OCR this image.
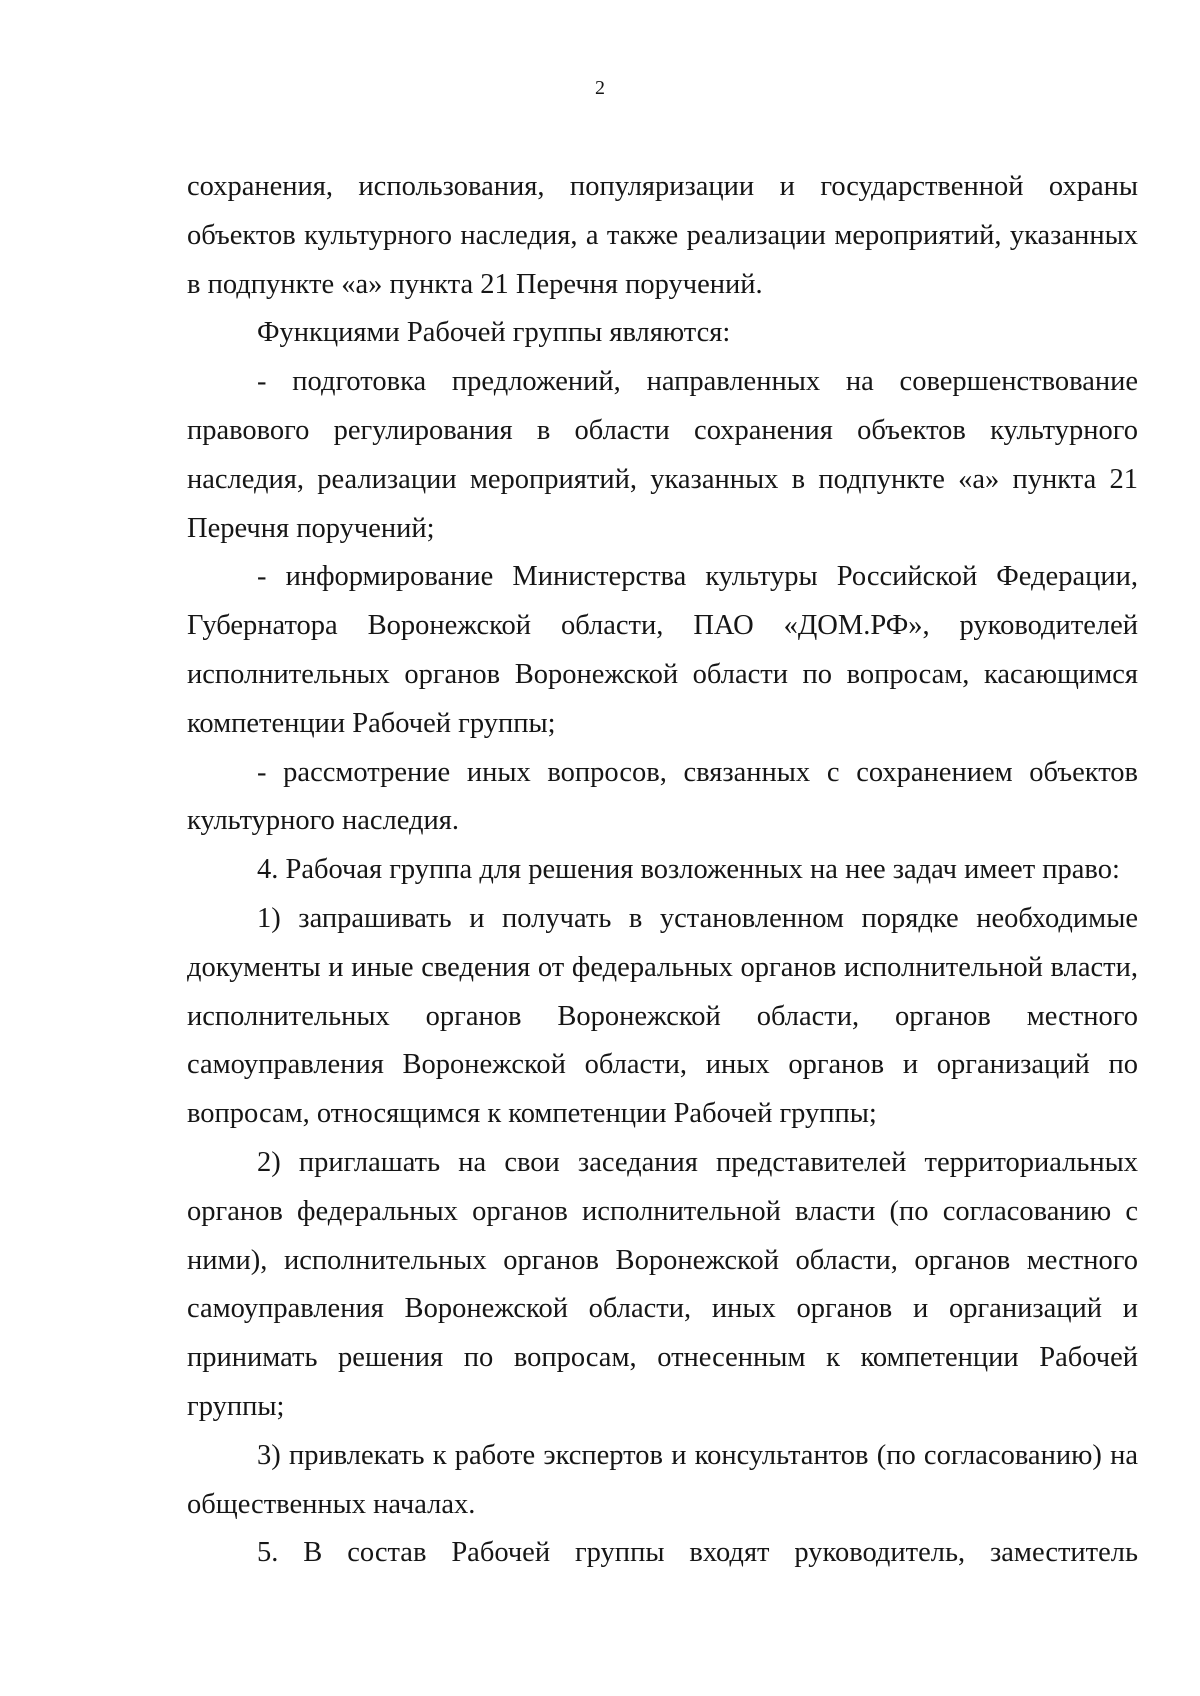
2

сохранения, использования, популяризации и государственной охраны объектов культурного наследия, а также реализации мероприятий, указанных в подпункте «а» пункта 21 Перечня поручений.

Функциями Рабочей группы являются:

- подготовка предложений, направленных на совершенствование правового регулирования в области сохранения объектов культурного наследия, реализации мероприятий, указанных в подпункте «а» пункта 21 Перечня поручений;

- информирование Министерства культуры Российской Федерации, Губернатора Воронежской области, ПАО «ДОМ.РФ», руководителей исполнительных органов Воронежской области по вопросам, касающимся компетенции Рабочей группы;

- рассмотрение иных вопросов, связанных с сохранением объектов культурного наследия.

4. Рабочая группа для решения возложенных на нее задач имеет право:

1) запрашивать и получать в установленном порядке необходимые документы и иные сведения от федеральных органов исполнительной власти, исполнительных органов Воронежской области, органов местного самоуправления Воронежской области, иных органов и организаций по вопросам, относящимся к компетенции Рабочей группы;

2) приглашать на свои заседания представителей территориальных органов федеральных органов исполнительной власти (по согласованию с ними), исполнительных органов Воронежской области, органов местного самоуправления Воронежской области, иных органов и организаций и принимать решения по вопросам, отнесенным к компетенции Рабочей группы;

3) привлекать к работе экспертов и консультантов (по согласованию) на общественных началах.

5. В состав Рабочей группы входят руководитель, заместитель
